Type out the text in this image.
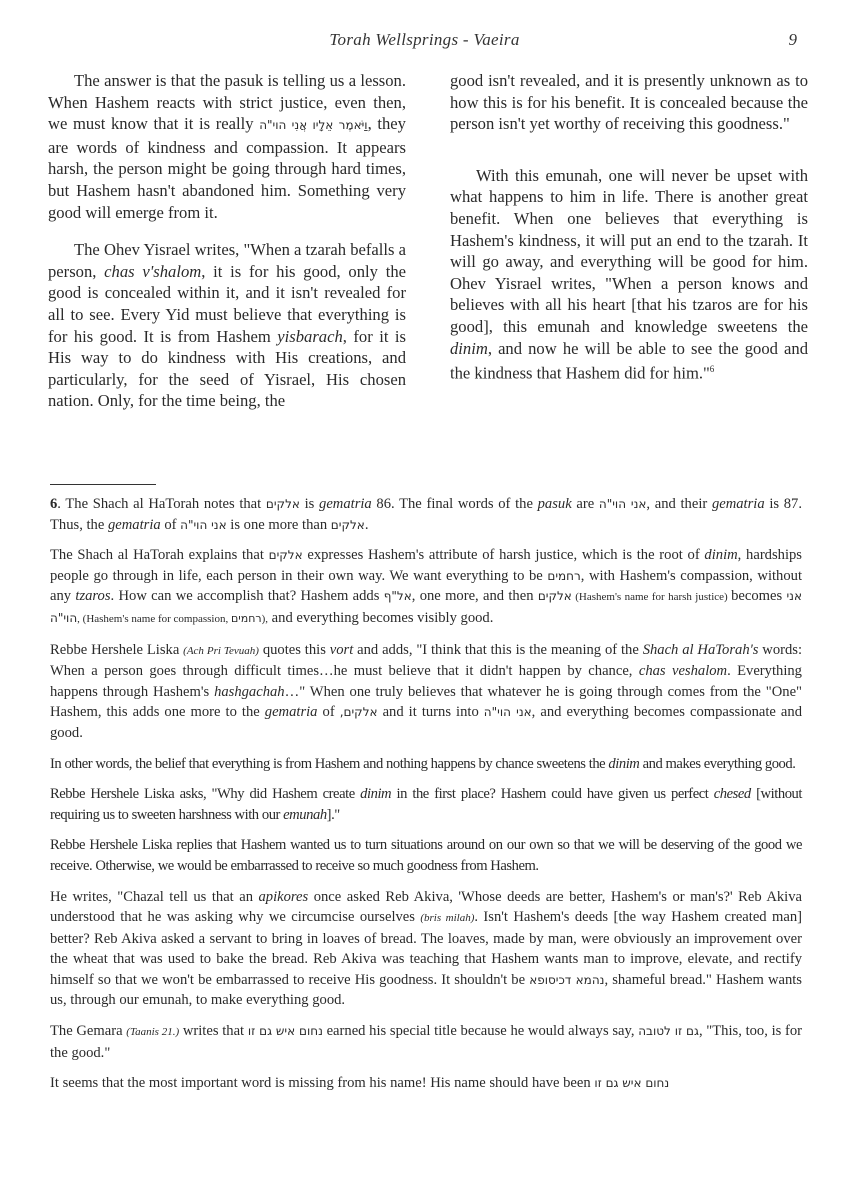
Torah Wellsprings - Vaeira	9

The answer is that the pasuk is telling us a lesson. When Hashem reacts with strict justice, even then, we must know that it is really וַיֹּאמֶר אֵלָיו אֲנִי הוי"ה, they are words of kindness and compassion. It appears harsh, the person might be going through hard times, but Hashem hasn't abandoned him. Something very good will emerge from it.

The Ohev Yisrael writes, "When a tzarah befalls a person, chas v'shalom, it is for his good, only the good is concealed within it, and it isn't revealed for all to see. Every Yid must believe that everything is for his good. It is from Hashem yisbarach, for it is His way to do kindness with His creations, and particularly, for the seed of Yisrael, His chosen nation. Only, for the time being, the

good isn't revealed, and it is presently unknown as to how this is for his benefit. It is concealed because the person isn't yet worthy of receiving this goodness."

With this emunah, one will never be upset with what happens to him in life. There is another great benefit. When one believes that everything is Hashem's kindness, it will put an end to the tzarah. It will go away, and everything will be good for him. Ohev Yisrael writes, "When a person knows and believes with all his heart [that his tzaros are for his good], this emunah and knowledge sweetens the dinim, and now he will be able to see the good and the kindness that Hashem did for him."$^6$

6. The Shach al HaTorah notes that אלקים is gematria 86. The final words of the pasuk are אני הוי"ה, and their gematria is 87. Thus, the gematria of אני הוי"ה is one more than אלקים.

The Shach al HaTorah explains that אלקים expresses Hashem's attribute of harsh justice, which is the root of dinim, hardships people go through in life, each person in their own way. We want everything to be רחמים, with Hashem's compassion, without any tzaros. How can we accomplish that? Hashem adds אל"ף, one more, and then אלקים (Hashem's name for harsh justice) becomes אני הוי"ה, (Hashem's name for compassion, רחמים), and everything becomes visibly good.

Rebbe Hershele Liska (Ach Pri Tevuah) quotes this vort and adds, "I think that this is the meaning of the Shach al HaTorah's words: When a person goes through difficult times…he must believe that it didn't happen by chance, chas veshalom. Everything happens through Hashem's hashgachah…" When one truly believes that whatever he is going through comes from the "One" Hashem, this adds one more to the gematria of אלקים, and it turns into אני הוי"ה, and everything becomes compassionate and good.

In other words, the belief that everything is from Hashem and nothing happens by chance sweetens the dinim and makes everything good.

Rebbe Hershele Liska asks, "Why did Hashem create dinim in the first place? Hashem could have given us perfect chesed [without requiring us to sweeten harshness with our emunah]."

Rebbe Hershele Liska replies that Hashem wanted us to turn situations around on our own so that we will be deserving of the good we receive. Otherwise, we would be embarrassed to receive so much goodness from Hashem.

He writes, "Chazal tell us that an apikores once asked Reb Akiva, 'Whose deeds are better, Hashem's or man's?' Reb Akiva understood that he was asking why we circumcise ourselves (bris milah). Isn't Hashem's deeds [the way Hashem created man] better? Reb Akiva asked a servant to bring in loaves of bread. The loaves, made by man, were obviously an improvement over the wheat that was used to bake the bread. Reb Akiva was teaching that Hashem wants man to improve, elevate, and rectify himself so that we won't be embarrassed to receive His goodness. It shouldn't be נהמא דכיסופא, shameful bread." Hashem wants us, through our emunah, to make everything good.

The Gemara (Taanis 21.) writes that נחום איש גם זו earned his special title because he would always say, גם זו לטובה, "This, too, is for the good."

It seems that the most important word is missing from his name! His name should have been נחום איש גם זו
